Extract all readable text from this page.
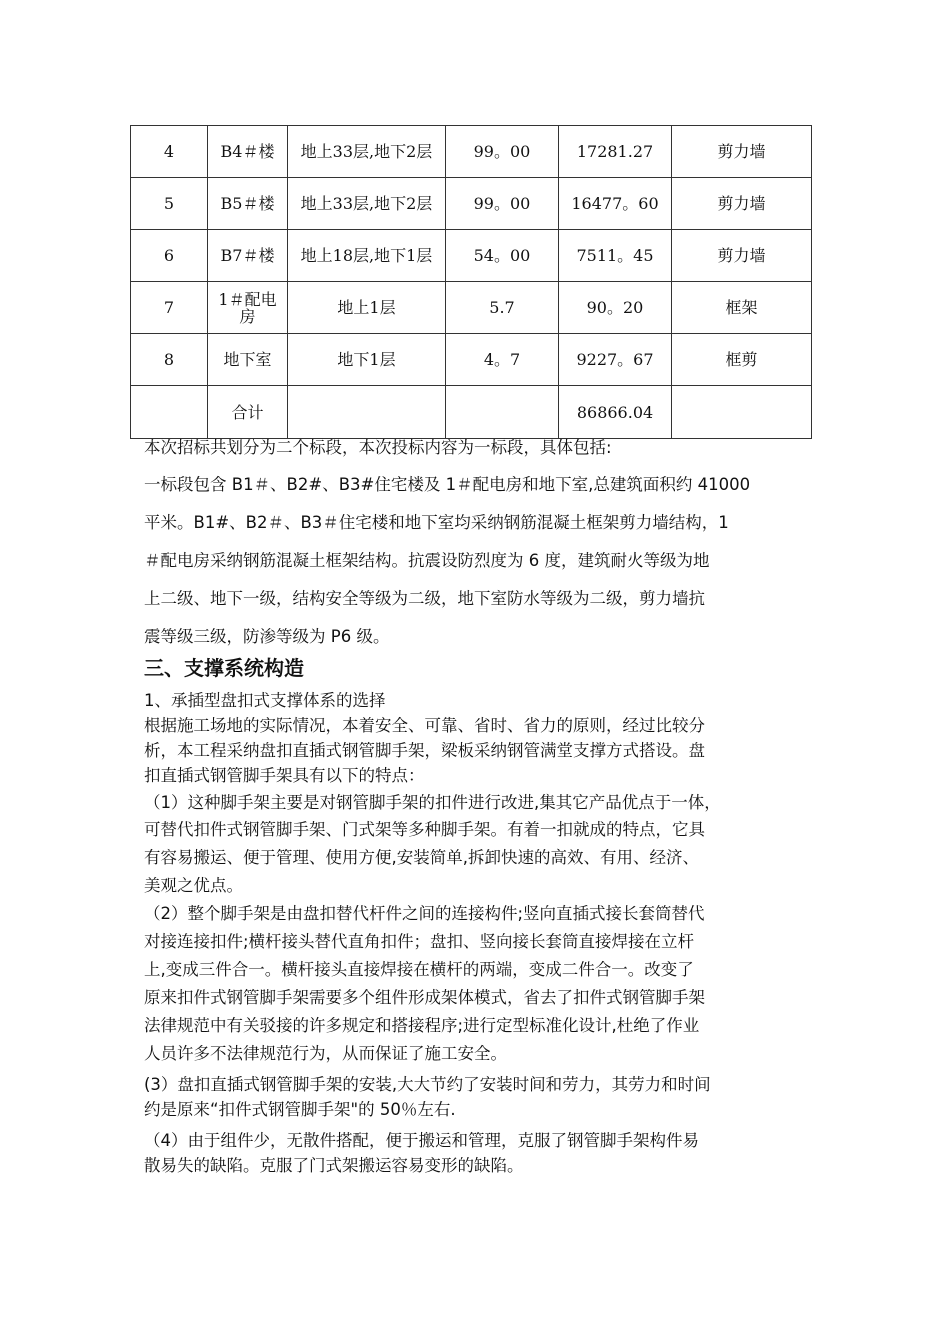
4	B4＃楼	地上33层,地下2层	99。00	17281.27	剪力墙
5	B5＃楼	地上33层,地下2层	99。00	16477。60	剪力墙
6	B7＃楼	地上18层,地下1层	54。00	7511。45	剪力墙
7	1＃配电房	地上1层	5.7	90。20	框架
8	地下室	地下1层	4。7	9227。67	框剪
	合计			86866.04	
本次招标共划分为二个标段，本次投标内容为一标段，具体包括:
一标段包含 B1＃、B2#、B3#住宅楼及 1＃配电房和地下室,总建筑面积约 41000
平米。B1#、B2＃、B3＃住宅楼和地下室均采纳钢筋混凝土框架剪力墙结构，1
＃配电房采纳钢筋混凝土框架结构。抗震设防烈度为 6 度，建筑耐火等级为地
上二级、地下一级，结构安全等级为二级，地下室防水等级为二级，剪力墙抗
震等级三级，防渗等级为 P6 级。
三、支撑系统构造
1、承插型盘扣式支撑体系的选择
根据施工场地的实际情况，本着安全、可靠、省时、省力的原则，经过比较分
析，本工程采纳盘扣直插式钢管脚手架，梁板采纳钢管满堂支撑方式搭设。盘
扣直插式钢管脚手架具有以下的特点：
（1）这种脚手架主要是对钢管脚手架的扣件进行改进,集其它产品优点于一体，
可替代扣件式钢管脚手架、门式架等多种脚手架。有着一扣就成的特点，它具
有容易搬运、便于管理、使用方便,安装简单,拆卸快速的高效、有用、经济、
美观之优点。
（2）整个脚手架是由盘扣替代杆件之间的连接构件;竖向直插式接长套筒替代
对接连接扣件;横杆接头替代直角扣件；盘扣、竖向接长套筒直接焊接在立杆
上,变成三件合一。横杆接头直接焊接在横杆的两端，变成二件合一。改变了
原来扣件式钢管脚手架需要多个组件形成架体模式，省去了扣件式钢管脚手架
法律规范中有关驳接的许多规定和搭接程序;进行定型标准化设计,杜绝了作业
人员许多不法律规范行为，从而保证了施工安全。
(3）盘扣直插式钢管脚手架的安装,大大节约了安装时间和劳力，其劳力和时间
约是原来“扣件式钢管脚手架"的 50％左右.
（4）由于组件少，无散件搭配，便于搬运和管理，克服了钢管脚手架构件易
散易失的缺陷。克服了门式架搬运容易变形的缺陷。
